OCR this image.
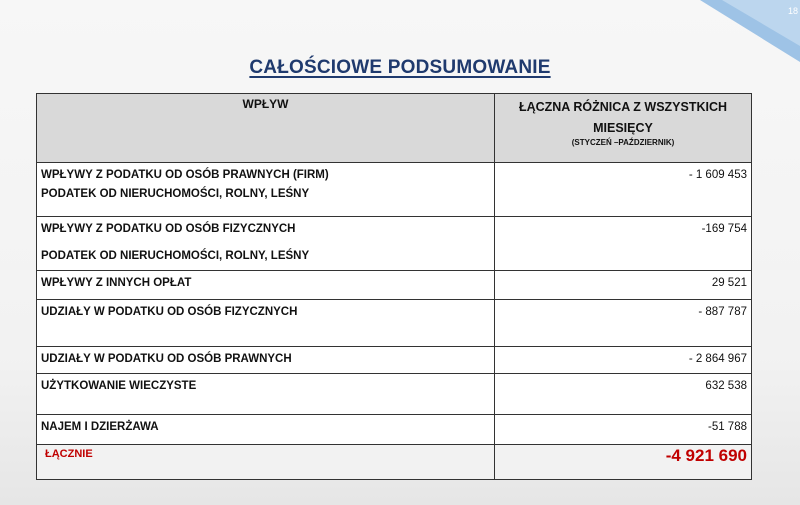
18
CAŁOŚCIOWE PODSUMOWANIE
WPŁYW	ŁĄCZNA RÓŻNICA Z WSZYSTKICH MIESIĘCY
(STYCZEŃ –PAŹDZIERNIK)

WPŁYWY Z PODATKU OD OSÓB PRAWNYCH (FIRM)
PODATEK OD NIERUCHOMOŚCI, ROLNY, LEŚNY	- 1 609 453

WPŁYWY Z PODATKU OD OSÓB FIZYCZNYCH
PODATEK OD NIERUCHOMOŚCI, ROLNY, LEŚNY	-169 754
WPŁYWY Z INNYCH OPŁAT	29 521
UDZIAŁY W PODATKU OD OSÓB FIZYCZNYCH	- 887 787
UDZIAŁY W PODATKU OD OSÓB PRAWNYCH	- 2 864 967
UŻYTKOWANIE WIECZYSTE	632 538
NAJEM I DZIERŻAWA	-51 788
ŁĄCZNIE	-4 921 690
